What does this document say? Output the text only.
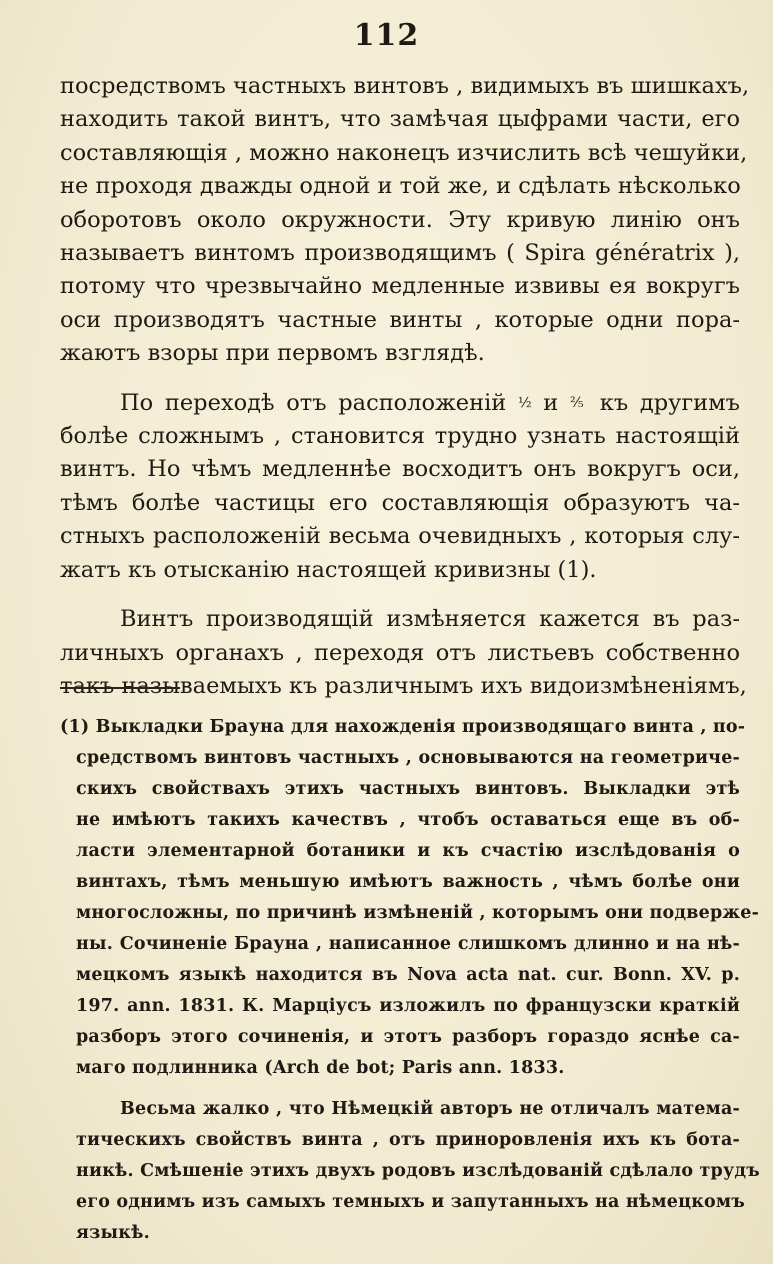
112
посредствомъ частныхъ винтовъ , видимыхъ въ шишкахъ,
находить такой винтъ, что замѣчая цыфрами части, его
составляющія , можно наконецъ изчислить всѣ чешуйки,
не проходя дважды одной и той же, и сдѣлать нѣсколько
оборотовъ около окружности. Эту кривую линію онъ
называетъ винтомъ производящимъ ( Spira génératrix ),
потому что чрезвычайно медленные извивы ея вокругъ
оси производятъ частные винты , которые одни пора-
жаютъ взоры при первомъ взглядѣ.
По переходѣ отъ расположеній ½ и ⅖ къ другимъ
болѣе сложнымъ , становится трудно узнать настоящій
винтъ. Но чѣмъ медленнѣе восходитъ онъ вокругъ оси,
тѣмъ болѣе частицы его составляющія образуютъ ча-
стныхъ расположеній весьма очевидныхъ , которыя слу-
жатъ къ отысканію настоящей кривизны (1).
Винтъ производящій измѣняется кажется въ раз-
личныхъ органахъ , переходя отъ листьевъ собственно
такъ называемыхъ къ различнымъ ихъ видоизмѣненіямъ,
(1) Выкладки Брауна для нахожденія производящаго винта , по-
средствомъ винтовъ частныхъ , основываются на геометриче-
скихъ свойствахъ этихъ частныхъ винтовъ. Выкладки этѣ
не имѣютъ такихъ качествъ , чтобъ оставаться еще въ об-
ласти элементарной ботаники и къ счастію изслѣдованія о
винтахъ, тѣмъ меньшую имѣютъ важность , чѣмъ болѣе они
многосложны, по причинѣ измѣненій , которымъ они подверже-
ны. Сочиненіе Брауна , написанное слишкомъ длинно и на нѣ-
мецкомъ языкѣ находится въ Nova acta nat. cur. Bonn. XV. p.
197. ann. 1831. К. Марціусъ изложилъ по французски краткій
разборъ этого сочиненія, и этотъ разборъ гораздо яснѣе са-
маго подлинника (Arch de bot; Paris ann. 1833.
Весьма жалко , что Нѣмецкій авторъ не отличалъ матема-
тическихъ свойствъ винта , отъ приноровленія ихъ къ бота-
никѣ. Смѣшеніе этихъ двухъ родовъ изслѣдованій сдѣлало трудъ
его однимъ изъ самыхъ темныхъ и запутанныхъ на нѣмецкомъ
языкѣ.
